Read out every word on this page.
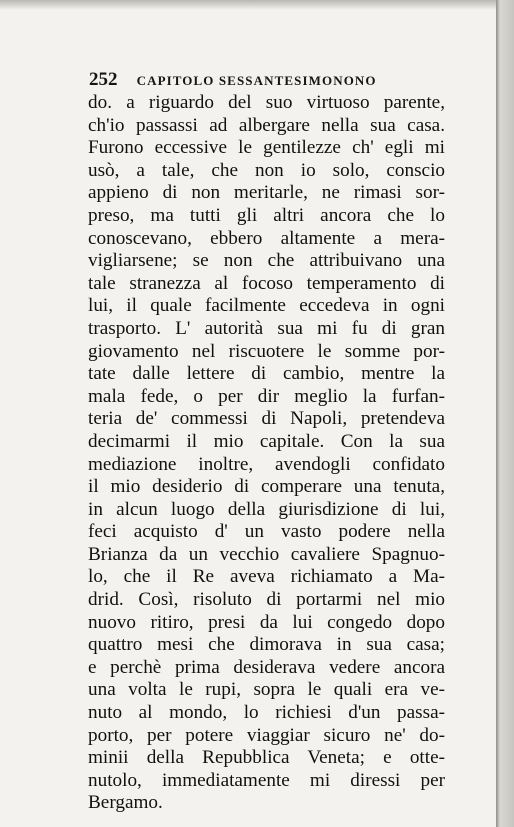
252 CAPITOLO SESSANTESIMONONO
do. a riguardo del suo virtuoso parente,
ch'io passassi ad albergare nella sua casa.
Furono eccessive le gentilezze ch' egli mi
usò, a tale, che non io solo, conscio
appieno di non meritarle, ne rimasi sor-
preso, ma tutti gli altri ancora che lo
conoscevano, ebbero altamente a mera-
vigliarsene; se non che attribuivano una
tale stranezza al focoso temperamento di
lui, il quale facilmente eccedeva in ogni
trasporto. L' autorità sua mi fu di gran
giovamento nel riscuotere le somme por-
tate dalle lettere di cambio, mentre la
mala fede, o per dir meglio la furfan-
teria de' commessi di Napoli, pretendeva
decimarmi il mio capitale. Con la sua
mediazione inoltre, avendogli confidato
il mio desiderio di comperare una tenuta,
in alcun luogo della giurisdizione di lui,
feci acquisto d' un vasto podere nella
Brianza da un vecchio cavaliere Spagnuo-
lo, che il Re aveva richiamato a Ma-
drid. Così, risoluto di portarmi nel mio
nuovo ritiro, presi da lui congedo dopo
quattro mesi che dimorava in sua casa;
e perchè prima desiderava vedere ancora
una volta le rupi, sopra le quali era ve-
nuto al mondo, lo richiesi d'un passa-
porto, per potere viaggiar sicuro ne' do-
minii della Repubblica Veneta; e otte-
nutolo, immediatamente mi diressi per
Bergamo.
